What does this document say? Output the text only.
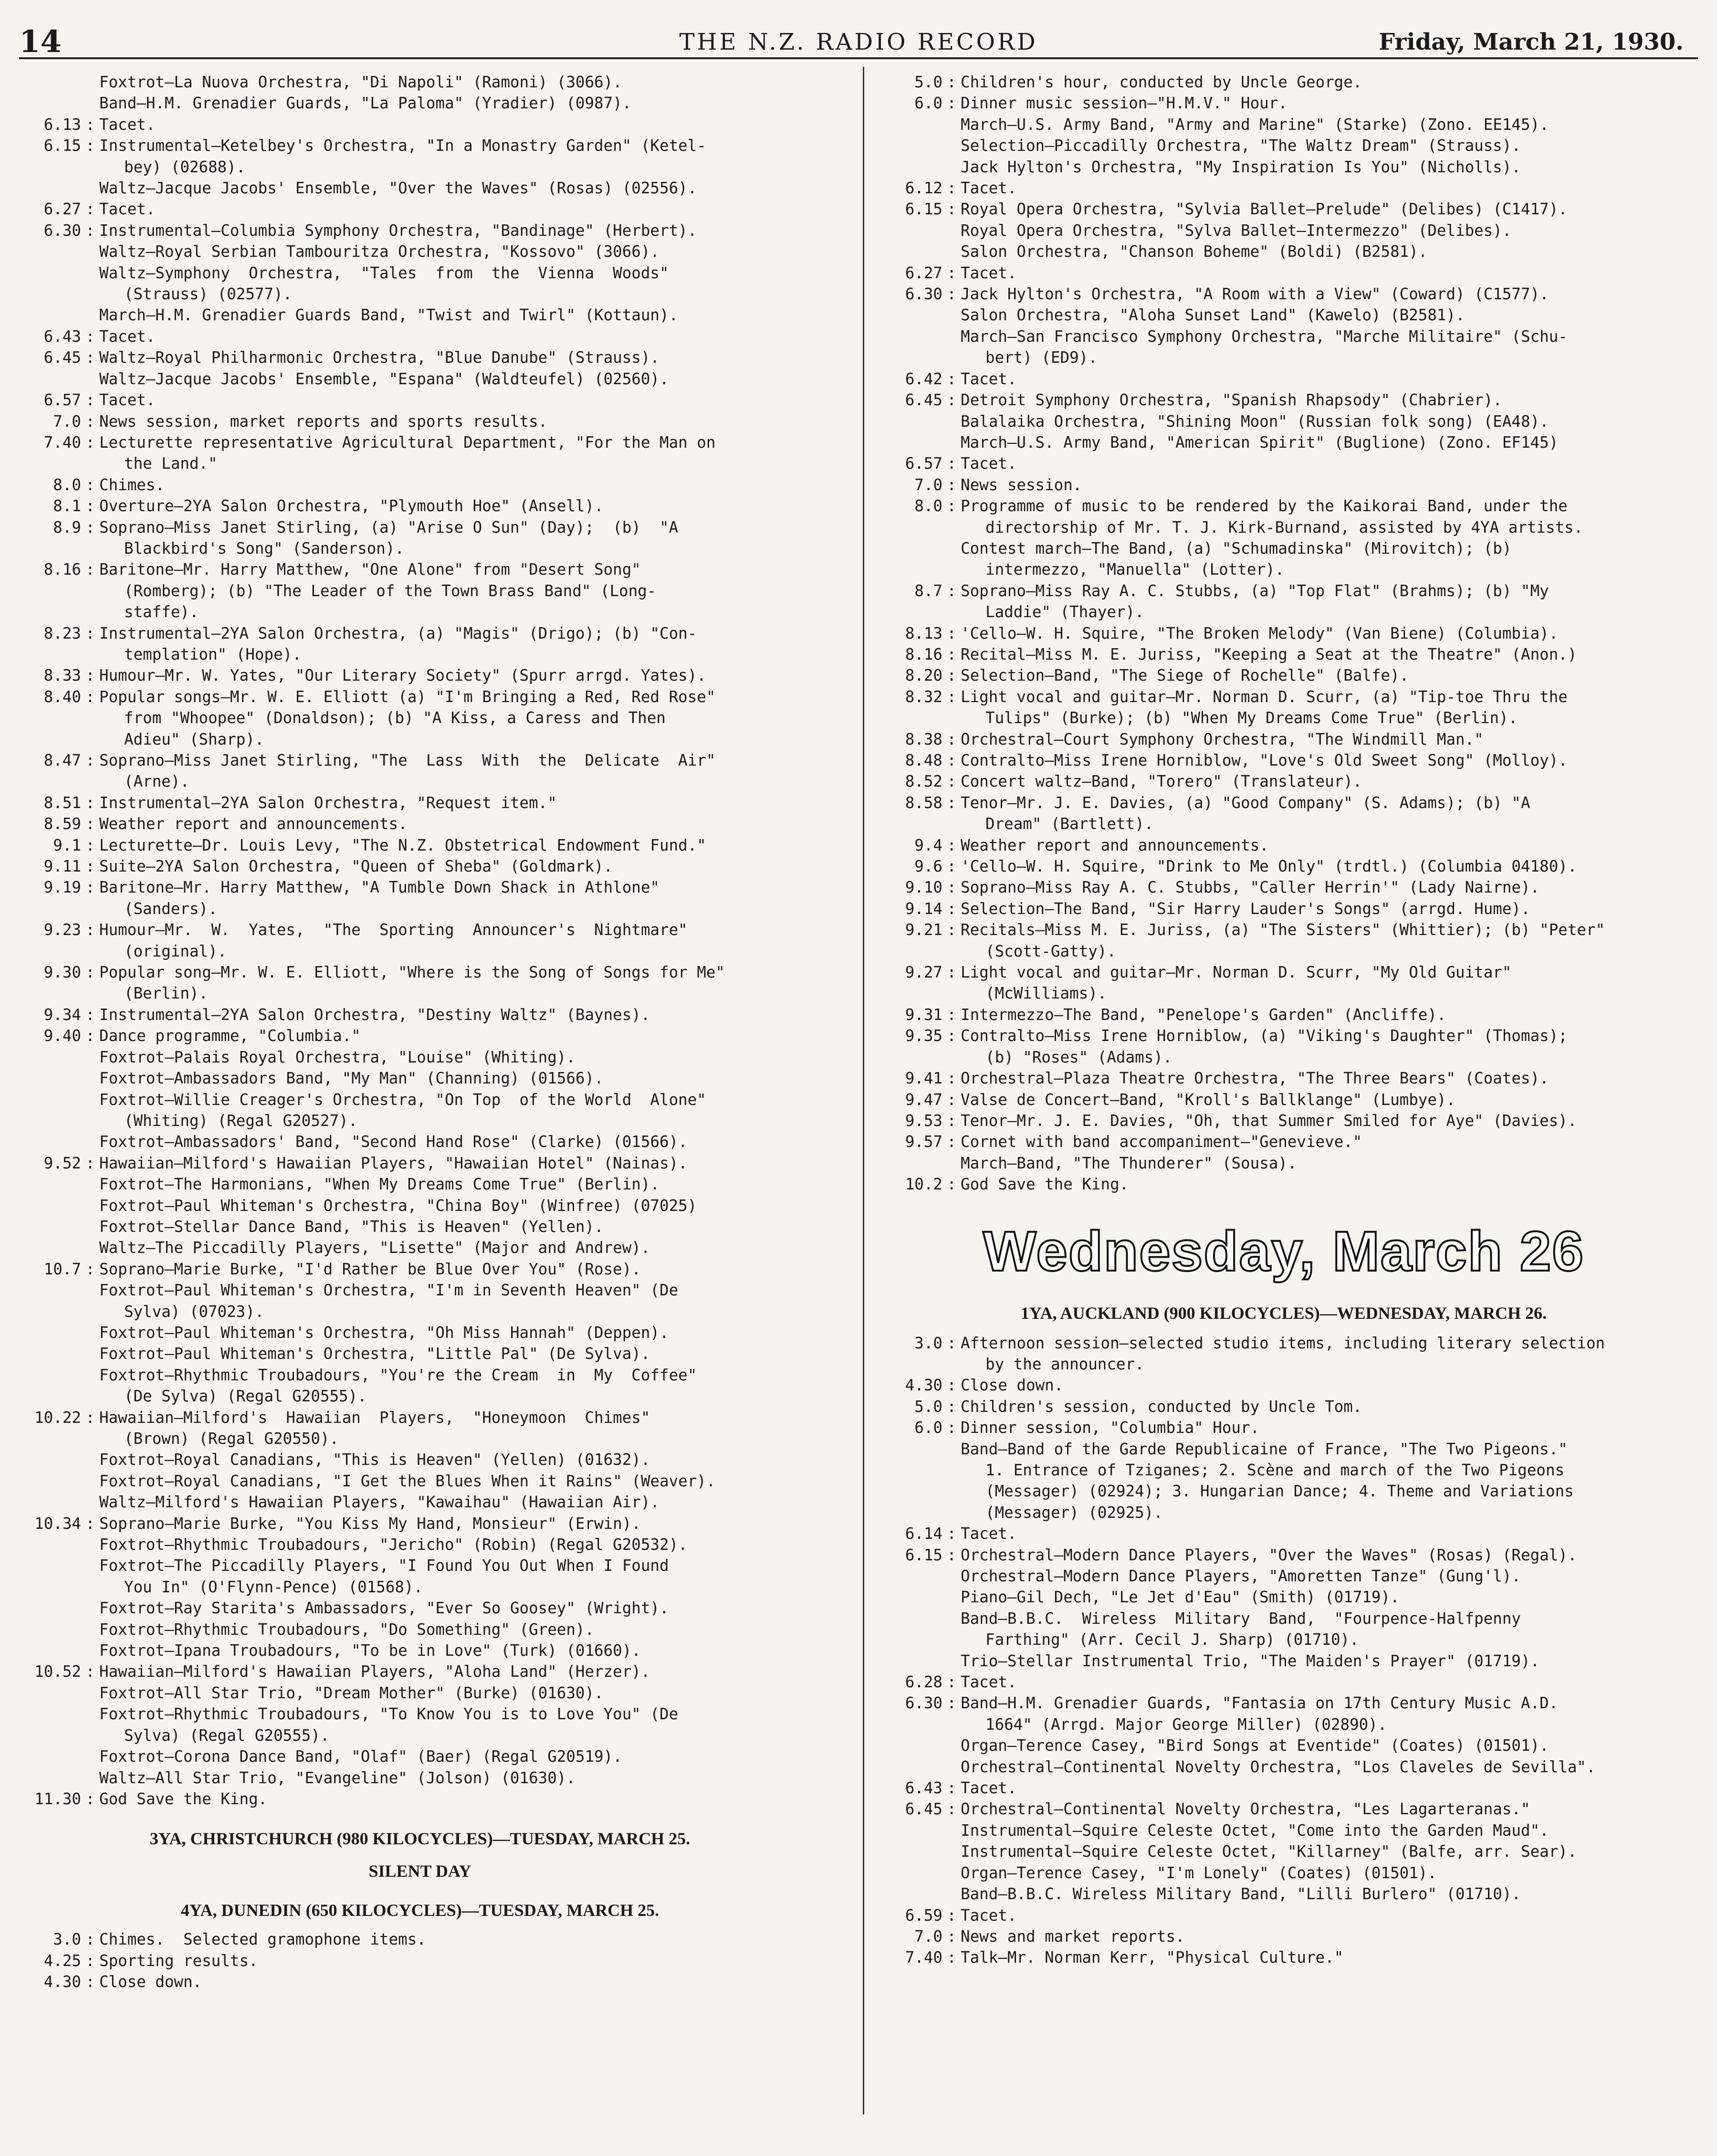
14	THE N.Z. RADIO RECORD	Friday, March 21, 1930.
Foxtrot—La Nuova Orchestra, "Di Napoli" (Ramoni) (3066).
Band—H.M. Grenadier Guards, "La Paloma" (Yradier) (0987).
6.13 : Tacet.
6.15 : Instrumental—Ketelbey's Orchestra, "In a Monastry Garden" (Ketel-
bey) (02688).
Waltz—Jacque Jacobs' Ensemble, "Over the Waves" (Rosas) (02556).
6.27 : Tacet.
6.30 : Instrumental—Columbia Symphony Orchestra, "Bandinage" (Herbert).
Waltz—Royal Serbian Tambouritza Orchestra, "Kossovo" (3066).
Waltz—Symphony  Orchestra,  "Tales  from  the  Vienna  Woods"
(Strauss) (02577).
March—H.M. Grenadier Guards Band, "Twist and Twirl" (Kottaun).
6.43 : Tacet.
6.45 : Waltz—Royal Philharmonic Orchestra, "Blue Danube" (Strauss).
Waltz—Jacque Jacobs' Ensemble, "Espana" (Waldteufel) (02560).
6.57 : Tacet.
7.0 : News session, market reports and sports results.
7.40 : Lecturette representative Agricultural Department, "For the Man on
the Land."
8.0 : Chimes.
8.1 : Overture—2YA Salon Orchestra, "Plymouth Hoe" (Ansell).
8.9 : Soprano—Miss Janet Stirling, (a) "Arise O Sun" (Day);  (b)  "A
Blackbird's Song" (Sanderson).
8.16 : Baritone—Mr. Harry Matthew, "One Alone" from "Desert Song"
(Romberg); (b) "The Leader of the Town Brass Band" (Long-
staffe).
8.23 : Instrumental—2YA Salon Orchestra, (a) "Magis" (Drigo); (b) "Con-
templation" (Hope).
8.33 : Humour—Mr. W. Yates, "Our Literary Society" (Spurr arrgd. Yates).
8.40 : Popular songs—Mr. W. E. Elliott (a) "I'm Bringing a Red, Red Rose"
from "Whoopee" (Donaldson); (b) "A Kiss, a Caress and Then
Adieu" (Sharp).
8.47 : Soprano—Miss Janet Stirling, "The  Lass  With  the  Delicate  Air"
(Arne).
8.51 : Instrumental—2YA Salon Orchestra, "Request item."
8.59 : Weather report and announcements.
9.1 : Lecturette—Dr. Louis Levy, "The N.Z. Obstetrical Endowment Fund."
9.11 : Suite—2YA Salon Orchestra, "Queen of Sheba" (Goldmark).
9.19 : Baritone—Mr. Harry Matthew, "A Tumble Down Shack in Athlone"
(Sanders).
9.23 : Humour—Mr.  W.  Yates,  "The  Sporting  Announcer's  Nightmare"
(original).
9.30 : Popular song—Mr. W. E. Elliott, "Where is the Song of Songs for Me"
(Berlin).
9.34 : Instrumental—2YA Salon Orchestra, "Destiny Waltz" (Baynes).
9.40 : Dance programme, "Columbia."
Foxtrot—Palais Royal Orchestra, "Louise" (Whiting).
Foxtrot—Ambassadors Band, "My Man" (Channing) (01566).
Foxtrot—Willie Creager's Orchestra, "On Top  of the World  Alone"
(Whiting) (Regal G20527).
Foxtrot—Ambassadors' Band, "Second Hand Rose" (Clarke) (01566).
9.52 : Hawaiian—Milford's Hawaiian Players, "Hawaiian Hotel" (Nainas).
Foxtrot—The Harmonians, "When My Dreams Come True" (Berlin).
Foxtrot—Paul Whiteman's Orchestra, "China Boy" (Winfree) (07025)
Foxtrot—Stellar Dance Band, "This is Heaven" (Yellen).
Waltz—The Piccadilly Players, "Lisette" (Major and Andrew).
10.7 : Soprano—Marie Burke, "I'd Rather be Blue Over You" (Rose).
Foxtrot—Paul Whiteman's Orchestra, "I'm in Seventh Heaven" (De
Sylva) (07023).
Foxtrot—Paul Whiteman's Orchestra, "Oh Miss Hannah" (Deppen).
Foxtrot—Paul Whiteman's Orchestra, "Little Pal" (De Sylva).
Foxtrot—Rhythmic Troubadours, "You're the Cream  in  My  Coffee"
(De Sylva) (Regal G20555).
10.22 : Hawaiian—Milford's  Hawaiian  Players,  "Honeymoon  Chimes"
(Brown) (Regal G20550).
Foxtrot—Royal Canadians, "This is Heaven" (Yellen) (01632).
Foxtrot—Royal Canadians, "I Get the Blues When it Rains" (Weaver).
Waltz—Milford's Hawaiian Players, "Kawaihau" (Hawaiian Air).
10.34 : Soprano—Marie Burke, "You Kiss My Hand, Monsieur" (Erwin).
Foxtrot—Rhythmic Troubadours, "Jericho" (Robin) (Regal G20532).
Foxtrot—The Piccadilly Players, "I Found You Out When I Found
You In" (O'Flynn-Pence) (01568).
Foxtrot—Ray Starita's Ambassadors, "Ever So Goosey" (Wright).
Foxtrot—Rhythmic Troubadours, "Do Something" (Green).
Foxtrot—Ipana Troubadours, "To be in Love" (Turk) (01660).
10.52 : Hawaiian—Milford's Hawaiian Players, "Aloha Land" (Herzer).
Foxtrot—All Star Trio, "Dream Mother" (Burke) (01630).
Foxtrot—Rhythmic Troubadours, "To Know You is to Love You" (De
Sylva) (Regal G20555).
Foxtrot—Corona Dance Band, "Olaf" (Baer) (Regal G20519).
Waltz—All Star Trio, "Evangeline" (Jolson) (01630).
11.30 : God Save the King.
3YA, CHRISTCHURCH (980 KILOCYCLES)—TUESDAY, MARCH 25.
SILENT DAY
4YA, DUNEDIN (650 KILOCYCLES)—TUESDAY, MARCH 25.
3.0 : Chimes.  Selected gramophone items.
4.25 : Sporting results.
4.30 : Close down.
5.0 : Children's hour, conducted by Uncle George.
6.0 : Dinner music session—"H.M.V." Hour.
March—U.S. Army Band, "Army and Marine" (Starke) (Zono. EE145).
Selection—Piccadilly Orchestra, "The Waltz Dream" (Strauss).
Jack Hylton's Orchestra, "My Inspiration Is You" (Nicholls).
6.12 : Tacet.
6.15 : Royal Opera Orchestra, "Sylvia Ballet—Prelude" (Delibes) (C1417).
Royal Opera Orchestra, "Sylva Ballet—Intermezzo" (Delibes).
Salon Orchestra, "Chanson Boheme" (Boldi) (B2581).
6.27 : Tacet.
6.30 : Jack Hylton's Orchestra, "A Room with a View" (Coward) (C1577).
Salon Orchestra, "Aloha Sunset Land" (Kawelo) (B2581).
March—San Francisco Symphony Orchestra, "Marche Militaire" (Schu-
bert) (ED9).
6.42 : Tacet.
6.45 : Detroit Symphony Orchestra, "Spanish Rhapsody" (Chabrier).
Balalaika Orchestra, "Shining Moon" (Russian folk song) (EA48).
March—U.S. Army Band, "American Spirit" (Buglione) (Zono. EF145)
6.57 : Tacet.
7.0 : News session.
8.0 : Programme of music to be rendered by the Kaikorai Band, under the
directorship of Mr. T. J. Kirk-Burnand, assisted by 4YA artists.
Contest march—The Band, (a) "Schumadinska" (Mirovitch); (b)
intermezzo, "Manuella" (Lotter).
8.7 : Soprano—Miss Ray A. C. Stubbs, (a) "Top Flat" (Brahms); (b) "My
Laddie" (Thayer).
8.13 : 'Cello—W. H. Squire, "The Broken Melody" (Van Biene) (Columbia).
8.16 : Recital—Miss M. E. Juriss, "Keeping a Seat at the Theatre" (Anon.)
8.20 : Selection—Band, "The Siege of Rochelle" (Balfe).
8.32 : Light vocal and guitar—Mr. Norman D. Scurr, (a) "Tip-toe Thru the
Tulips" (Burke); (b) "When My Dreams Come True" (Berlin).
8.38 : Orchestral—Court Symphony Orchestra, "The Windmill Man."
8.48 : Contralto—Miss Irene Horniblow, "Love's Old Sweet Song" (Molloy).
8.52 : Concert waltz—Band, "Torero" (Translateur).
8.58 : Tenor—Mr. J. E. Davies, (a) "Good Company" (S. Adams); (b) "A
Dream" (Bartlett).
9.4 : Weather report and announcements.
9.6 : 'Cello—W. H. Squire, "Drink to Me Only" (trdtl.) (Columbia 04180).
9.10 : Soprano—Miss Ray A. C. Stubbs, "Caller Herrin'" (Lady Nairne).
9.14 : Selection—The Band, "Sir Harry Lauder's Songs" (arrgd. Hume).
9.21 : Recitals—Miss M. E. Juriss, (a) "The Sisters" (Whittier); (b) "Peter"
(Scott-Gatty).
9.27 : Light vocal and guitar—Mr. Norman D. Scurr, "My Old Guitar"
(McWilliams).
9.31 : Intermezzo—The Band, "Penelope's Garden" (Ancliffe).
9.35 : Contralto—Miss Irene Horniblow, (a) "Viking's Daughter" (Thomas);
(b) "Roses" (Adams).
9.41 : Orchestral—Plaza Theatre Orchestra, "The Three Bears" (Coates).
9.47 : Valse de Concert—Band, "Kroll's Ballklange" (Lumbye).
9.53 : Tenor—Mr. J. E. Davies, "Oh, that Summer Smiled for Aye" (Davies).
9.57 : Cornet with band accompaniment—"Genevieve."
March—Band, "The Thunderer" (Sousa).
10.2 : God Save the King.
Wednesday, March 26
1YA, AUCKLAND (900 KILOCYCLES)—WEDNESDAY, MARCH 26.
3.0 : Afternoon session—selected studio items, including literary selection
by the announcer.
4.30 : Close down.
5.0 : Children's session, conducted by Uncle Tom.
6.0 : Dinner session, "Columbia" Hour.
Band—Band of the Garde Republicaine of France, "The Two Pigeons."
1. Entrance of Tziganes; 2. Scène and march of the Two Pigeons
(Messager) (02924); 3. Hungarian Dance; 4. Theme and Variations
(Messager) (02925).
6.14 : Tacet.
6.15 : Orchestral—Modern Dance Players, "Over the Waves" (Rosas) (Regal).
Orchestral—Modern Dance Players, "Amoretten Tanze" (Gung'l).
Piano—Gil Dech, "Le Jet d'Eau" (Smith) (01719).
Band—B.B.C.  Wireless  Military  Band,  "Fourpence-Halfpenny
Farthing" (Arr. Cecil J. Sharp) (01710).
Trio—Stellar Instrumental Trio, "The Maiden's Prayer" (01719).
6.28 : Tacet.
6.30 : Band—H.M. Grenadier Guards, "Fantasia on 17th Century Music A.D.
1664" (Arrgd. Major George Miller) (02890).
Organ—Terence Casey, "Bird Songs at Eventide" (Coates) (01501).
Orchestral—Continental Novelty Orchestra, "Los Claveles de Sevilla".
6.43 : Tacet.
6.45 : Orchestral—Continental Novelty Orchestra, "Les Lagarteranas."
Instrumental—Squire Celeste Octet, "Come into the Garden Maud".
Instrumental—Squire Celeste Octet, "Killarney" (Balfe, arr. Sear).
Organ—Terence Casey, "I'm Lonely" (Coates) (01501).
Band—B.B.C. Wireless Military Band, "Lilli Burlero" (01710).
6.59 : Tacet.
7.0 : News and market reports.
7.40 : Talk—Mr. Norman Kerr, "Physical Culture."
